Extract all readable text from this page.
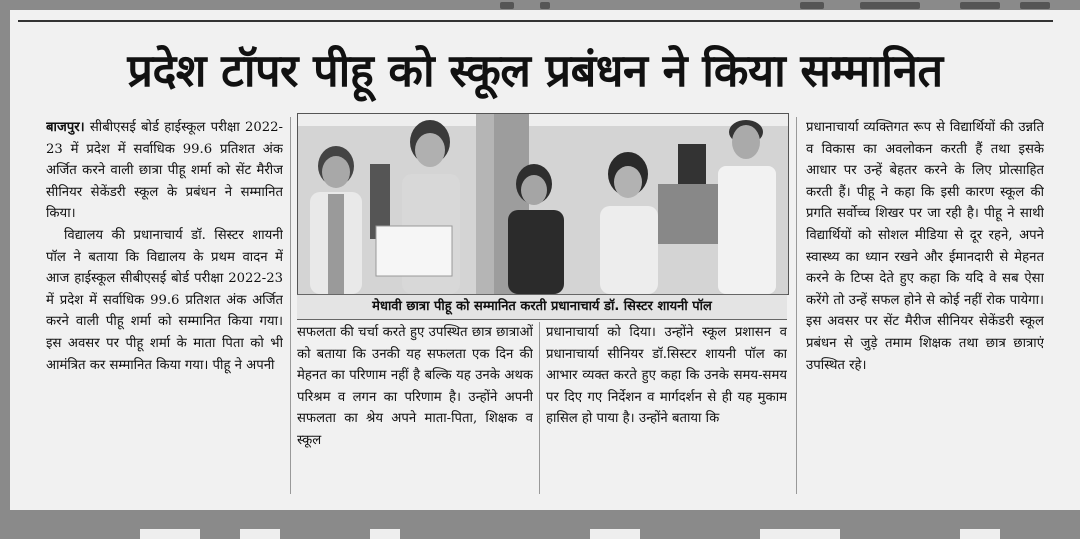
प्रदेश टॉपर पीहू को स्कूल प्रबंधन ने किया सम्मानित

बाजपुर। सीबीएसई बोर्ड हाईस्कूल परीक्षा 2022-23 में प्रदेश में सर्वाधिक 99.6 प्रतिशत अंक अर्जित करने वाली छात्रा पीहू शर्मा को सेंट मैरीज सीनियर सेकेंडरी स्कूल के प्रबंधन ने सम्मानित किया।

विद्यालय की प्रधानाचार्य डॉ. सिस्टर शायनी पॉल ने बताया कि विद्यालय के प्रथम वादन में आज हाईस्कूल सीबीएसई बोर्ड परीक्षा 2022-23 में प्रदेश में सर्वाधिक 99.6 प्रतिशत अंक अर्जित करने वाली पीहू शर्मा को सम्मानित किया गया। इस अवसर पर पीहू शर्मा के माता पिता को भी आमंत्रित कर सम्मानित किया गया। पीहू ने अपनी

मेधावी छात्रा पीहू को सम्मानित करती प्रधानाचार्य डॉ. सिस्टर शायनी पॉल

सफलता की चर्चा करते हुए उपस्थित छात्र छात्राओं को बताया कि उनकी यह सफलता एक दिन की मेहनत का परिणाम नहीं है बल्कि यह उनके अथक परिश्रम व लगन का परिणाम है। उन्होंने अपनी सफलता का श्रेय अपने माता-पिता, शिक्षक व स्कूल

प्रधानाचार्या को दिया। उन्होंने स्कूल प्रशासन व प्रधानाचार्या सीनियर डॉ.सिस्टर शायनी पॉल का आभार व्यक्त करते हुए कहा कि उनके समय-समय पर दिए गए निर्देशन व मार्गदर्शन से ही यह मुकाम हासिल हो पाया है। उन्होंने बताया कि

प्रधानाचार्या व्यक्तिगत रूप से विद्यार्थियों की उन्नति व विकास का अवलोकन करती हैं तथा इसके आधार पर उन्हें बेहतर करने के लिए प्रोत्साहित करती हैं। पीहू ने कहा कि इसी कारण स्कूल की प्रगति सर्वोच्च शिखर पर जा रही है। पीहू ने साथी विद्यार्थियों को सोशल मीडिया से दूर रहने, अपने स्वास्थ्य का ध्यान रखने और ईमानदारी से मेहनत करने के टिप्स देते हुए कहा कि यदि वे सब ऐसा करेंगे तो उन्हें सफल होने से कोई नहीं रोक पायेगा। इस अवसर पर सेंट मैरीज सीनियर सेकेंडरी स्कूल प्रबंधन से जुड़े तमाम शिक्षक तथा छात्र छात्राएं उपस्थित रहे।
